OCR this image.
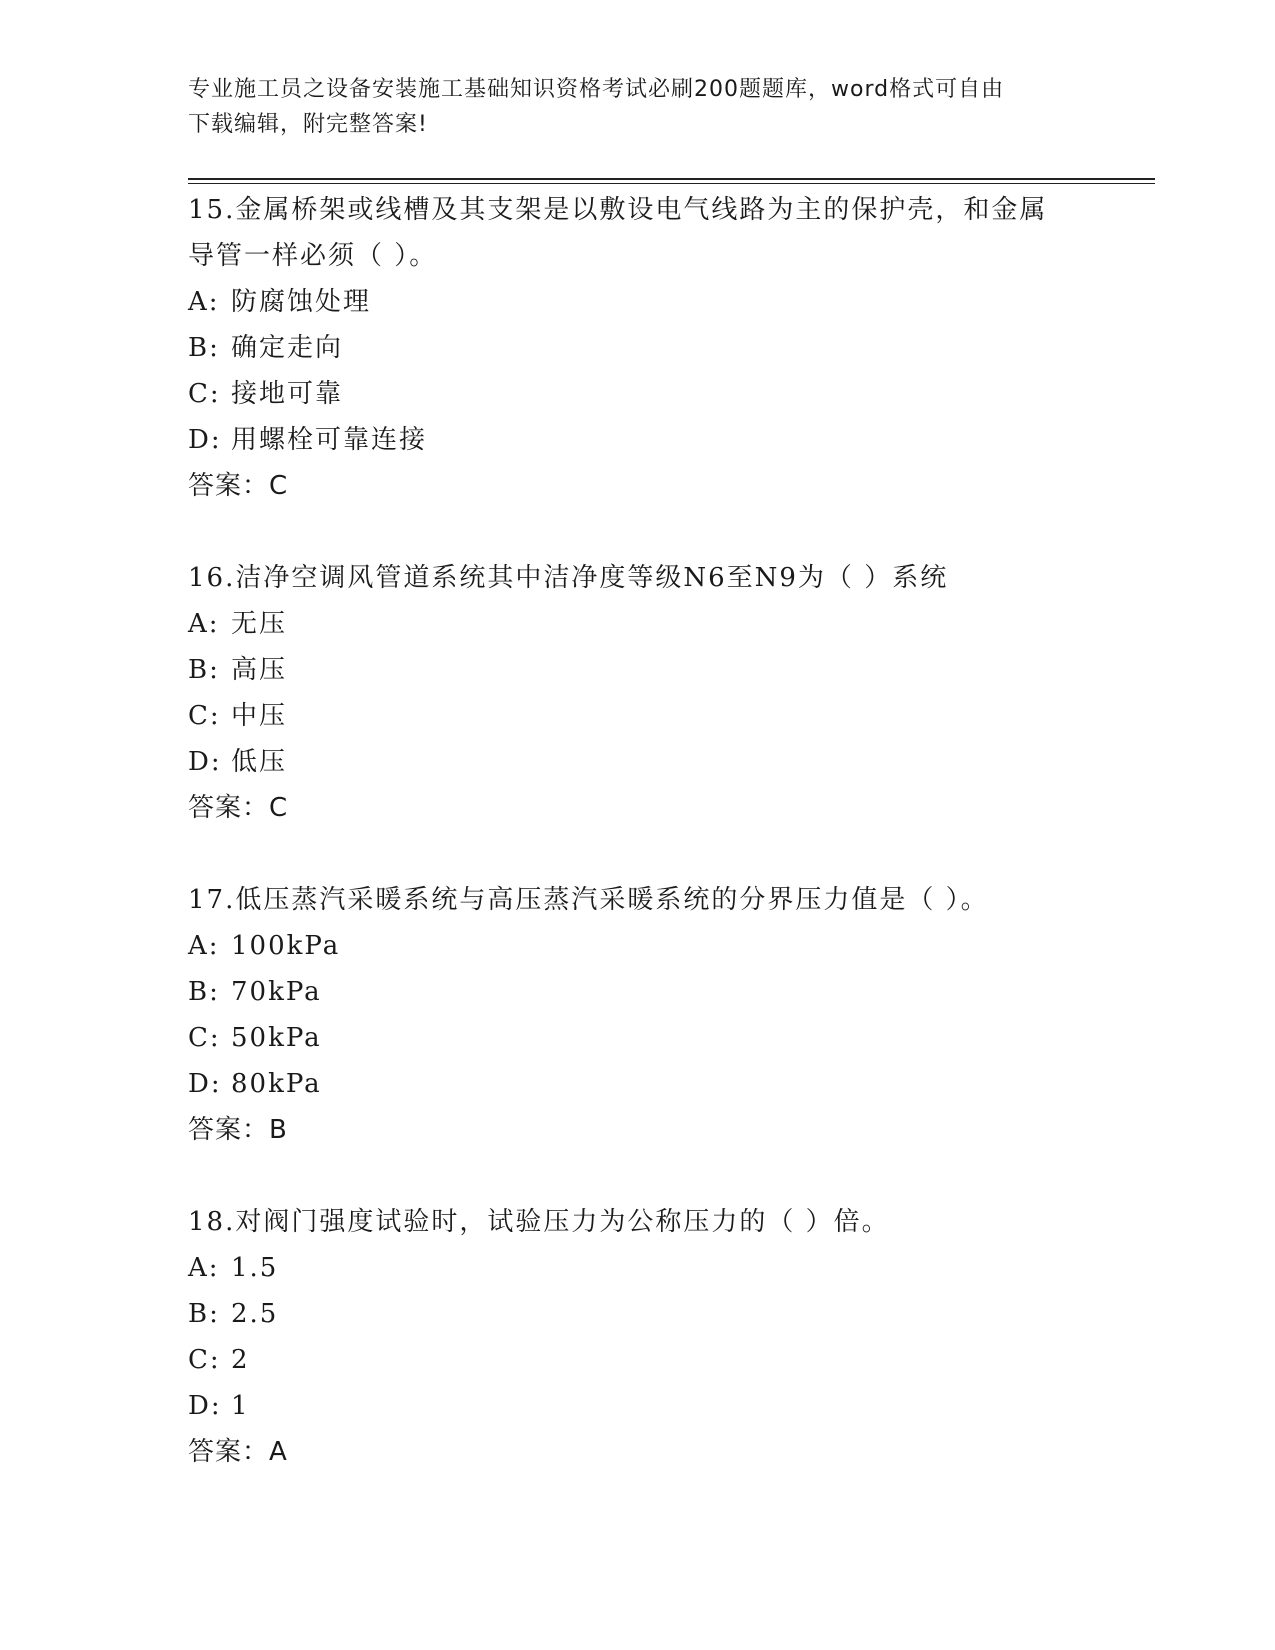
专业施工员之设备安装施工基础知识资格考试必刷200题题库，word格式可自由
下载编辑，附完整答案!

15.金属桥架或线槽及其支架是以敷设电气线路为主的保护壳，和金属

导管一样必须（ ）。

A: 防腐蚀处理

B: 确定走向

C: 接地可靠

D: 用螺栓可靠连接

答案：C

16.洁净空调风管道系统其中洁净度等级N6至N9为（ ）系统

A: 无压

B: 高压

C: 中压

D: 低压

答案：C

17.低压蒸汽采暖系统与高压蒸汽采暖系统的分界压力值是（ ）。

A: 100kPa

B: 70kPa

C: 50kPa

D: 80kPa

答案：B

18.对阀门强度试验时，试验压力为公称压力的（ ）倍。

A: 1.5

B: 2.5

C: 2

D: 1

答案：A
